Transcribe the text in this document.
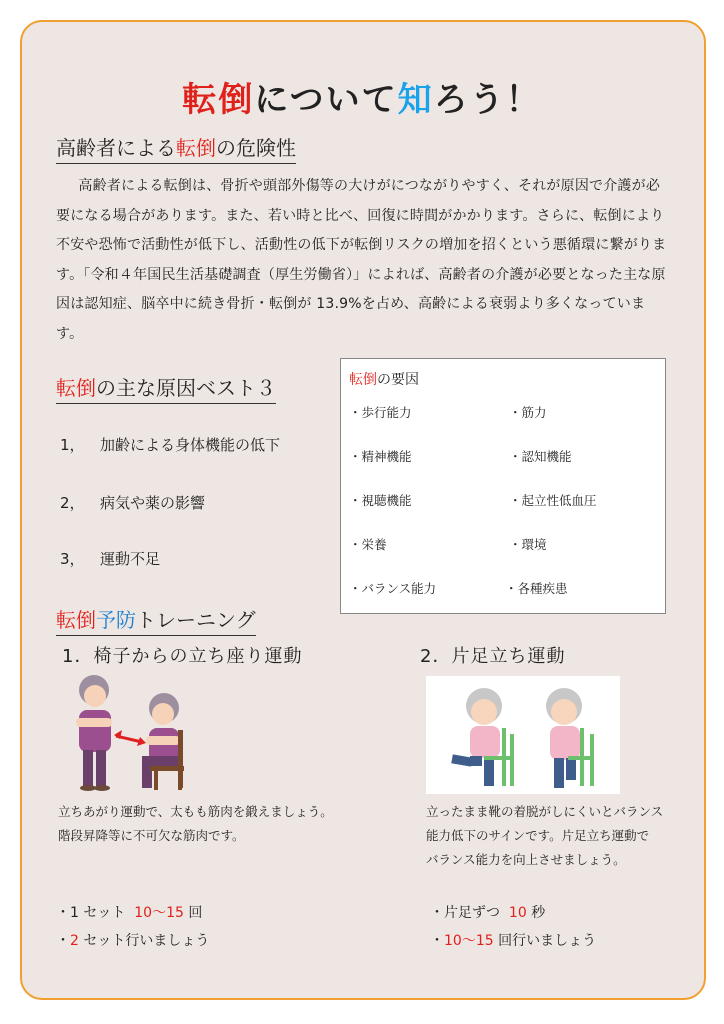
転倒について知ろう！
高齢者による転倒の危険性

高齢者による転倒は、骨折や頭部外傷等の大けがにつながりやすく、それが原因で介護が必要になる場合があります。また、若い時と比べ、回復に時間がかかります。さらに、転倒により不安や恐怖で活動性が低下し、活動性の低下が転倒リスクの増加を招くという悪循環に繋がります。「令和４年国民生活基礎調査（厚生労働省）」によれば、高齢者の介護が必要となった主な原因は認知症、脳卒中に続き骨折・転倒が 13.9%を占め、高齢による衰弱より多くなっています。

転倒の主な原因ベスト３
1， 加齢による身体機能の低下
2， 病気や薬の影響
3， 運動不足
転倒の要因
・歩行能力	・筋力
・精神機能	・認知機能
・視聴機能	・起立性低血圧
・栄養	・環境
・バランス能力	・各種疾患
転倒予防トレーニング
1．椅子からの立ち座り運動	2．片足立ち運動
立ちあがり運動で、太もも筋肉を鍛えましょう。
階段昇降等に不可欠な筋肉です。
立ったまま靴の着脱がしにくいとバランス
能力低下のサインです。片足立ち運動で
バランス能力を向上させましょう。
・1 セット 10～15 回
・2 セット行いましょう
・片足ずつ 10 秒
・10～15 回行いましょう
